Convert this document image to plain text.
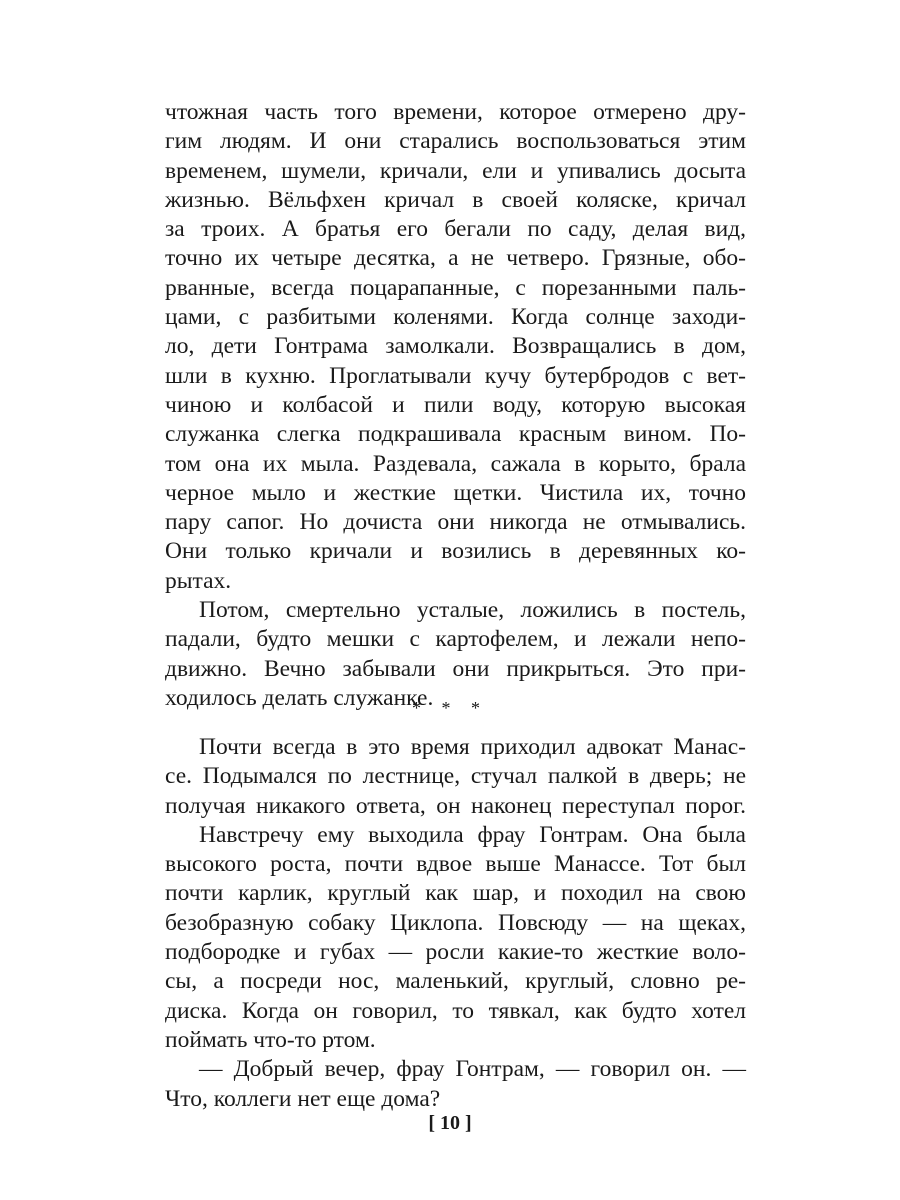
чтожная часть того времени, которое отмерено дру-
гим людям. И они старались воспользоваться этим
временем, шумели, кричали, ели и упивались досыта
жизнью. Вёльфхен кричал в своей коляске, кричал
за троих. А братья его бегали по саду, делая вид,
точно их четыре десятка, а не четверо. Грязные, обо-
рванные, всегда поцарапанные, с порезанными паль-
цами, с разбитыми коленями. Когда солнце заходи-
ло, дети Гонтрама замолкали. Возвращались в дом,
шли в кухню. Проглатывали кучу бутербродов с вет-
чиною и колбасой и пили воду, которую высокая
служанка слегка подкрашивала красным вином. По-
том она их мыла. Раздевала, сажала в корыто, брала
черное мыло и жесткие щетки. Чистила их, точно
пару сапог. Но дочиста они никогда не отмывались.
Они только кричали и возились в деревянных ко-
рытах.
Потом, смертельно усталые, ложились в постель,
падали, будто мешки с картофелем, и лежали непо-
движно. Вечно забывали они прикрыться. Это при-
ходилось делать служанке.
* * *
Почти всегда в это время приходил адвокат Манас-
се. Подымался по лестнице, стучал палкой в дверь; не
получая никакого ответа, он наконец переступал порог.
Навстречу ему выходила фрау Гонтрам. Она была
высокого роста, почти вдвое выше Манассе. Тот был
почти карлик, круглый как шар, и походил на свою
безобразную собаку Циклопа. Повсюду — на щеках,
подбородке и губах — росли какие-то жесткие воло-
сы, а посреди нос, маленький, круглый, словно ре-
диска. Когда он говорил, то тявкал, как будто хотел
поймать что-то ртом.
— Добрый вечер, фрау Гонтрам, — говорил он. —
Что, коллеги нет еще дома?
[ 10 ]
